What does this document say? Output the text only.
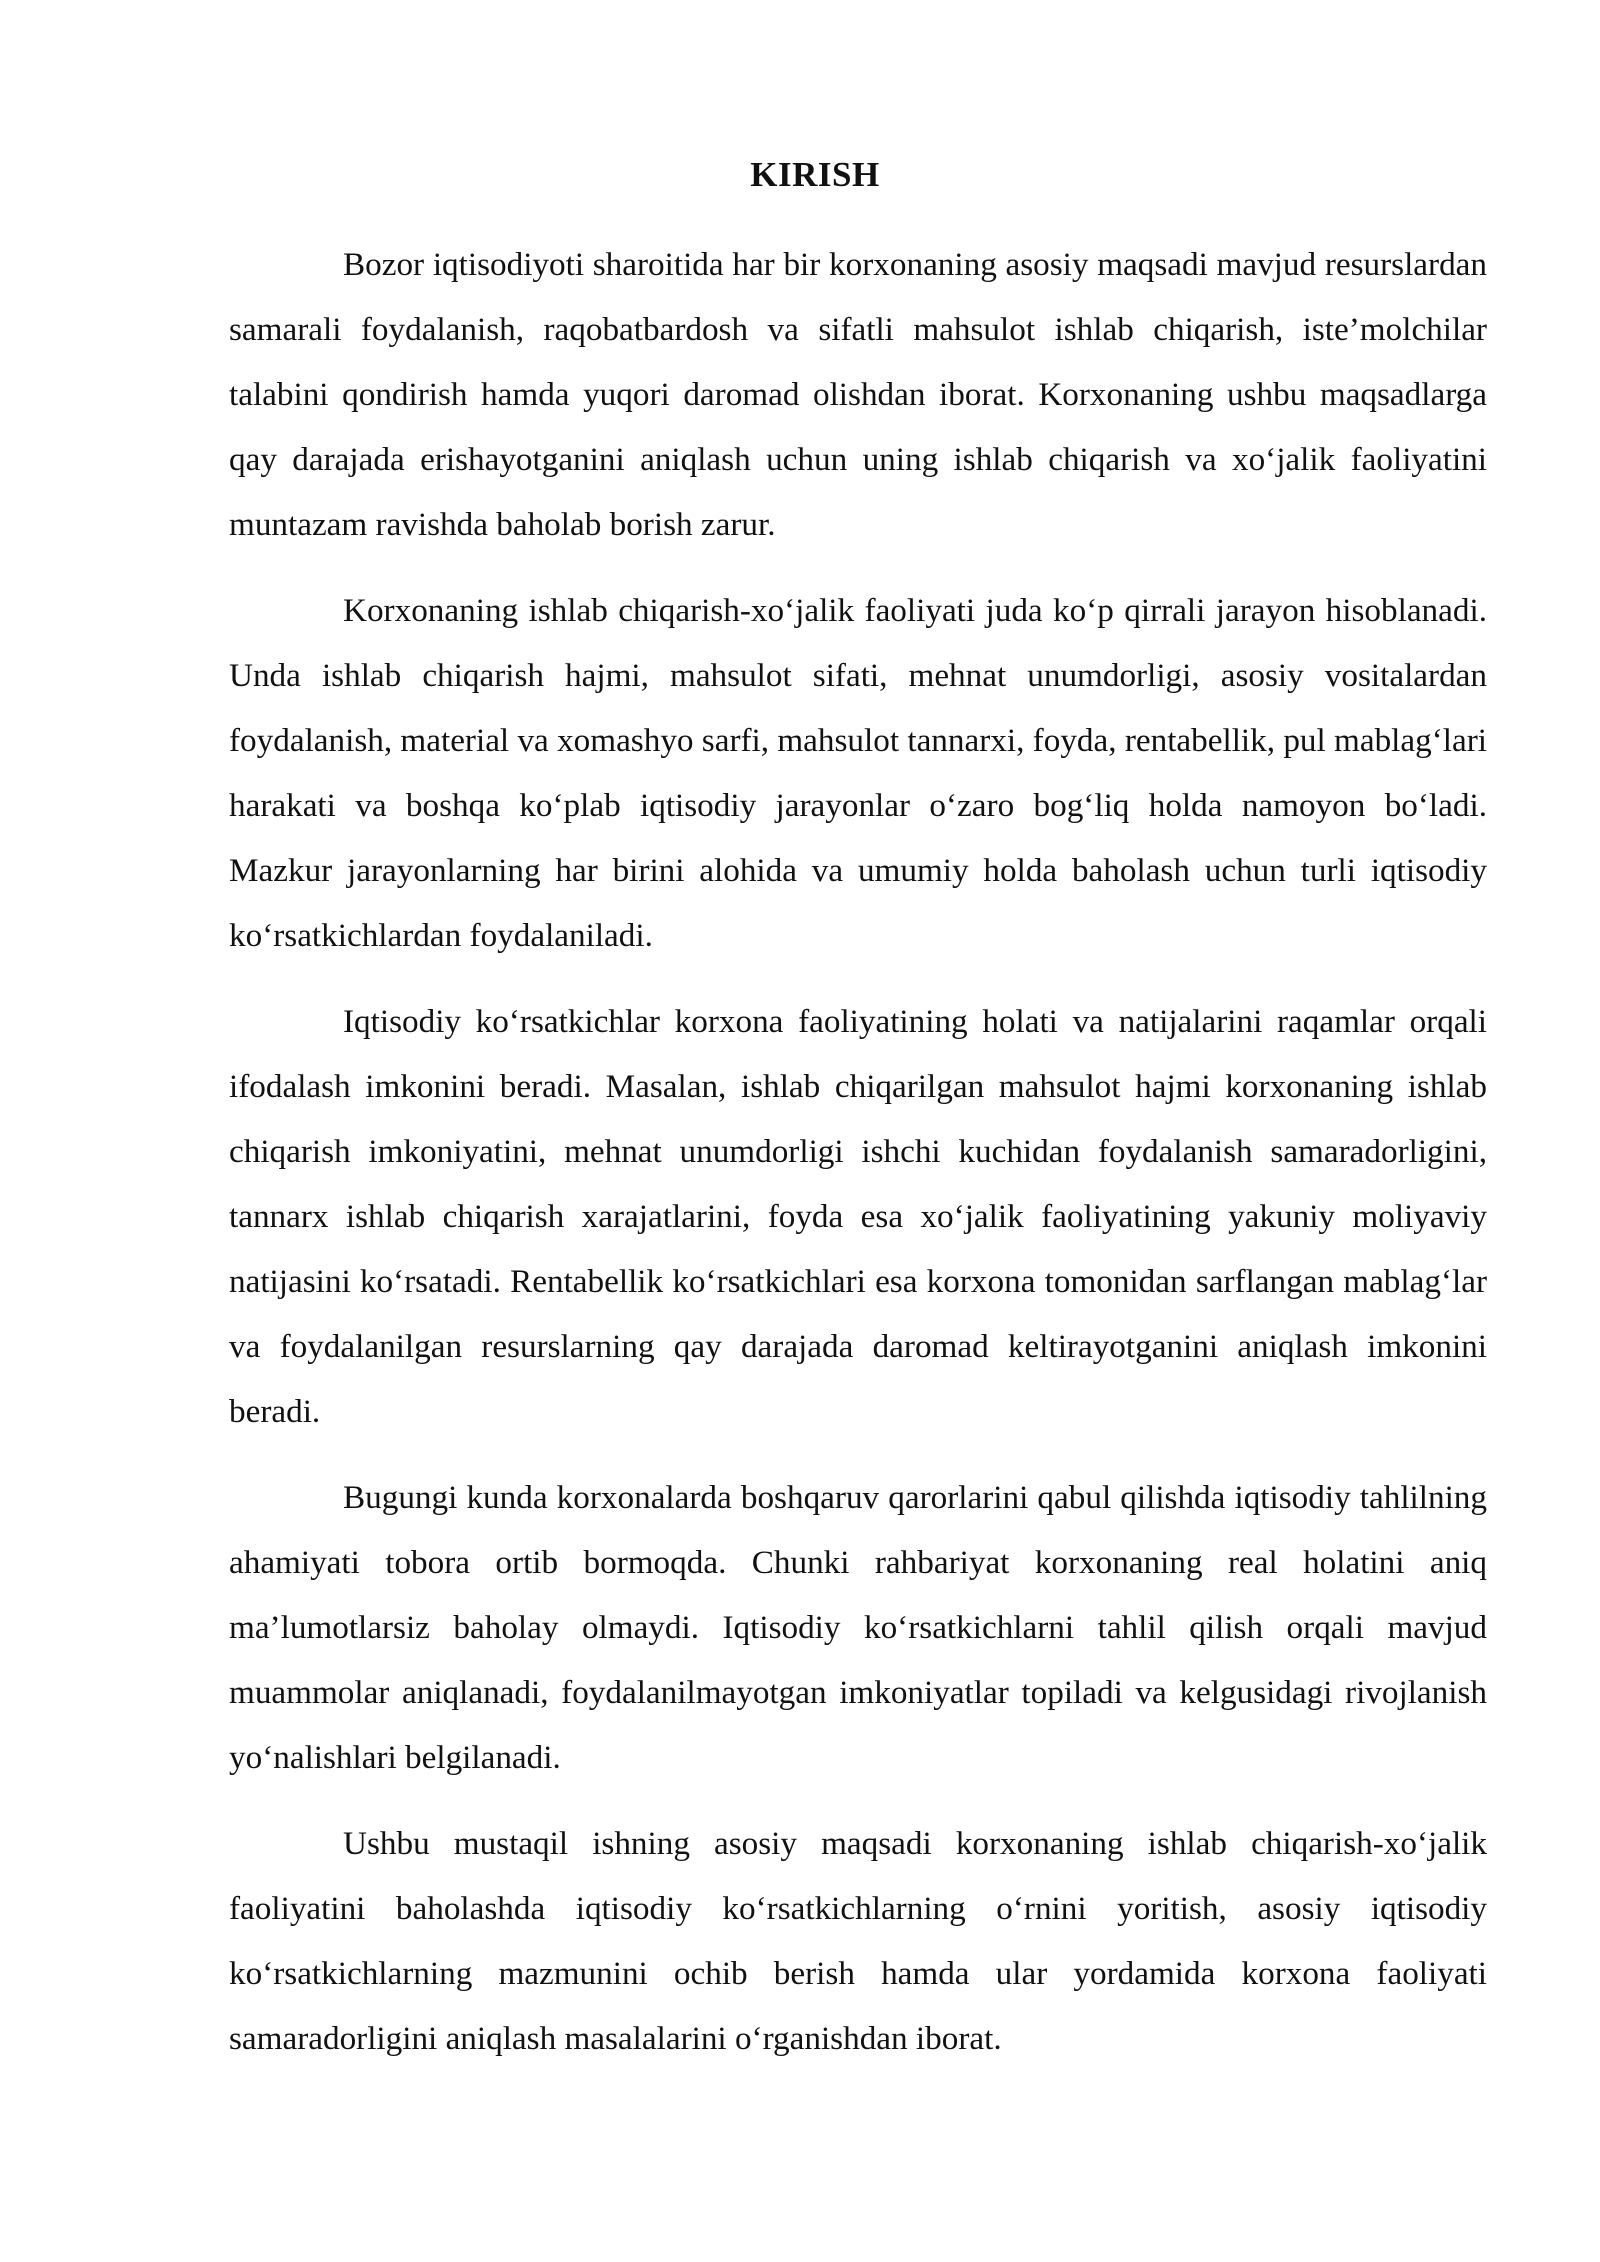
KIRISH

Bozor iqtisodiyoti sharoitida har bir korxonaning asosiy maqsadi mavjud resurslardan samarali foydalanish, raqobatbardosh va sifatli mahsulot ishlab chiqarish, iste’molchilar talabini qondirish hamda yuqori daromad olishdan iborat. Korxonaning ushbu maqsadlarga qay darajada erishayotganini aniqlash uchun uning ishlab chiqarish va xo‘jalik faoliyatini muntazam ravishda baholab borish zarur.

Korxonaning ishlab chiqarish-xo‘jalik faoliyati juda ko‘p qirrali jarayon hisoblanadi. Unda ishlab chiqarish hajmi, mahsulot sifati, mehnat unumdorligi, asosiy vositalardan foydalanish, material va xomashyo sarfi, mahsulot tannarxi, foyda, rentabellik, pul mablag‘lari harakati va boshqa ko‘plab iqtisodiy jarayonlar o‘zaro bog‘liq holda namoyon bo‘ladi. Mazkur jarayonlarning har birini alohida va umumiy holda baholash uchun turli iqtisodiy ko‘rsatkichlardan foydalaniladi.

Iqtisodiy ko‘rsatkichlar korxona faoliyatining holati va natijalarini raqamlar orqali ifodalash imkonini beradi. Masalan, ishlab chiqarilgan mahsulot hajmi korxonaning ishlab chiqarish imkoniyatini, mehnat unumdorligi ishchi kuchidan foydalanish samaradorligini, tannarx ishlab chiqarish xarajatlarini, foyda esa xo‘jalik faoliyatining yakuniy moliyaviy natijasini ko‘rsatadi. Rentabellik ko‘rsatkichlari esa korxona tomonidan sarflangan mablag‘lar va foydalanilgan resurslarning qay darajada daromad keltirayotganini aniqlash imkonini beradi.

Bugungi kunda korxonalarda boshqaruv qarorlarini qabul qilishda iqtisodiy tahlilning ahamiyati tobora ortib bormoqda. Chunki rahbariyat korxonaning real holatini aniq ma’lumotlarsiz baholay olmaydi. Iqtisodiy ko‘rsatkichlarni tahlil qilish orqali mavjud muammolar aniqlanadi, foydalanilmayotgan imkoniyatlar topiladi va kelgusidagi rivojlanish yo‘nalishlari belgilanadi.

Ushbu mustaqil ishning asosiy maqsadi korxonaning ishlab chiqarish-xo‘jalik faoliyatini baholashda iqtisodiy ko‘rsatkichlarning o‘rnini yoritish, asosiy iqtisodiy ko‘rsatkichlarning mazmunini ochib berish hamda ular yordamida korxona faoliyati samaradorligini aniqlash masalalarini o‘rganishdan iborat.
